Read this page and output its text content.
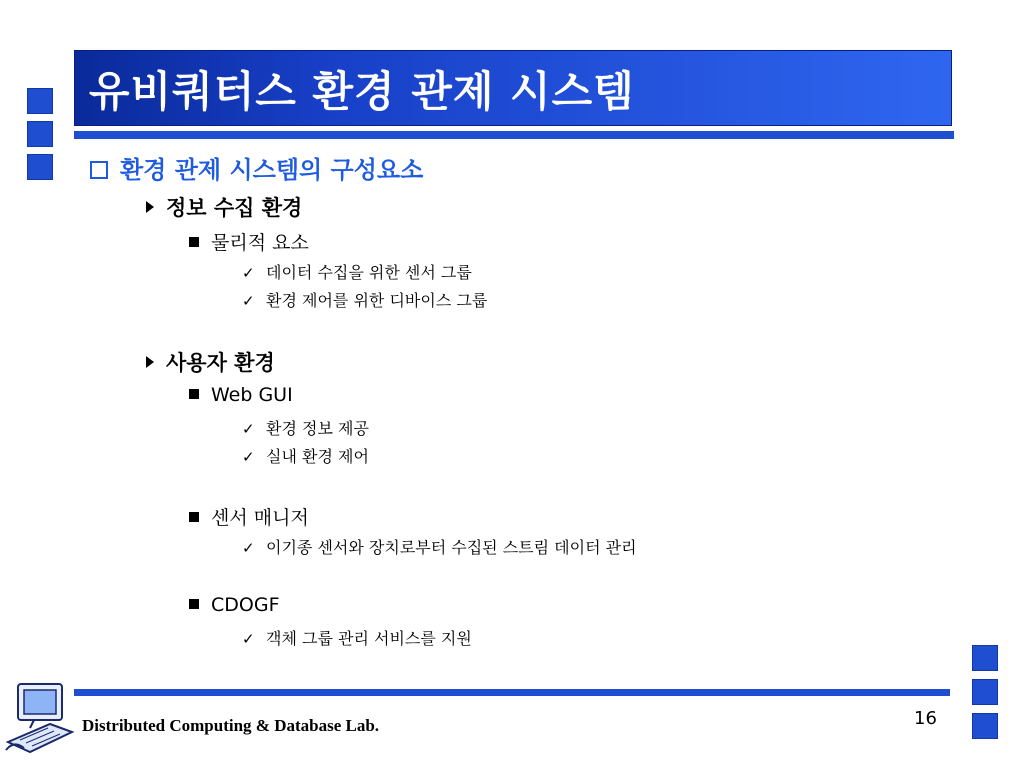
유비쿼터스 환경 관제 시스템
환경 관제 시스템의 구성요소
정보 수집 환경
물리적 요소
✓ 데이터 수집을 위한 센서 그룹
✓ 환경 제어를 위한 디바이스 그룹
사용자 환경
Web GUI
✓ 환경 정보 제공
✓ 실내 환경 제어
센서 매니저
✓ 이기종 센서와 장치로부터 수집된 스트림 데이터 관리
CDOGF
✓ 객체 그룹 관리 서비스를 지원
Distributed Computing & Database Lab.	16
